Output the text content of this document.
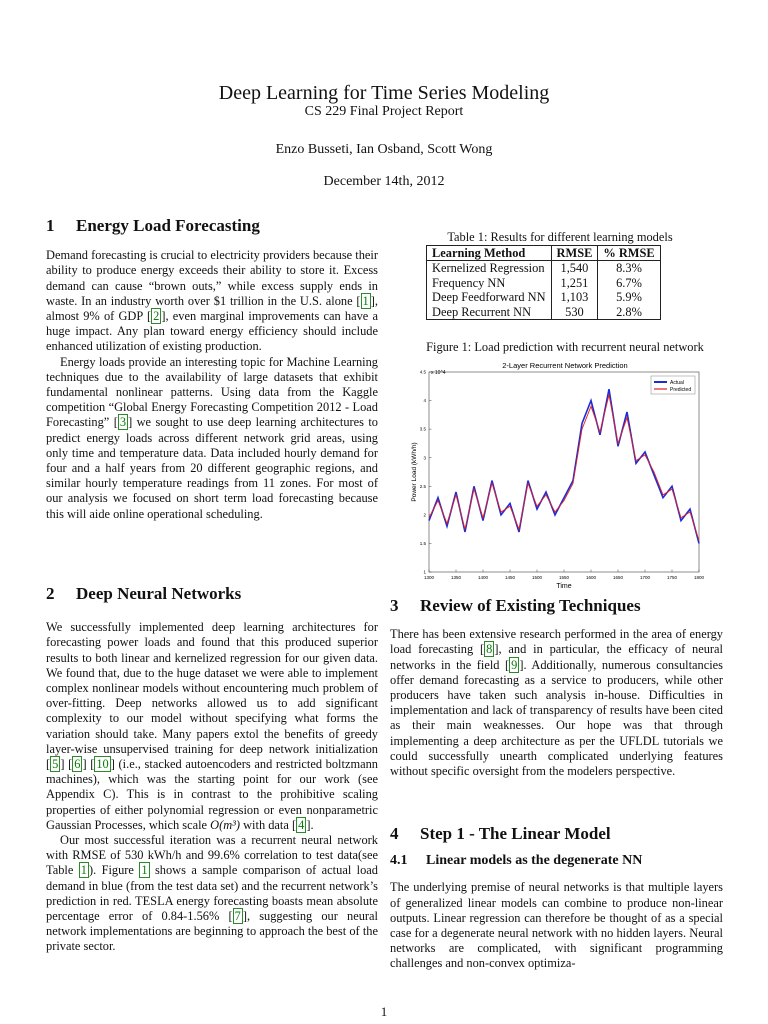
Deep Learning for Time Series Modeling
CS 229 Final Project Report
Enzo Busseti, Ian Osband, Scott Wong
December 14th, 2012
1 Energy Load Forecasting

Demand forecasting is crucial to electricity providers because their ability to produce energy exceeds their ability to store it. Excess demand can cause “brown outs,” while excess supply ends in waste. In an industry worth over $1 trillion in the U.S. alone [ 1 ], almost 9% of GDP [ 2 ], even marginal improvements can have a huge impact. Any plan toward energy efficiency should include enhanced utilization of existing production.

Energy loads provide an interesting topic for Machine Learning techniques due to the availability of large datasets that exhibit fundamental nonlinear patterns. Using data from the Kaggle competition “Global Energy Forecasting Competition 2012 - Load Forecasting” [ 3 ] we sought to use deep learning architectures to predict energy loads across different network grid areas, using only time and temperature data. Data included hourly demand for four and a half years from 20 different geographic regions, and similar hourly temperature readings from 11 zones. For most of our analysis we focused on short term load forecasting because this will aide online operational scheduling.

2 Deep Neural Networks

We successfully implemented deep learning architectures for forecasting power loads and found that this produced superior results to both linear and kernelized regression for our given data. We found that, due to the huge dataset we were able to implement complex nonlinear models without encountering much problem of over-fitting. Deep networks allowed us to add significant complexity to our model without specifying what forms the variation should take. Many papers extol the benefits of greedy layer-wise unsupervised training for deep network initialization [ 5 ] [ 6 ] [ 10 ] (i.e., stacked autoencoders and restricted boltzmann machines), which was the starting point for our work (see Appendix C). This is in contrast to the prohibitive scaling properties of either polynomial regression or even nonparametric Gaussian Processes, which scale O(m³) with data [ 4 ].

Our most successful iteration was a recurrent neural network with RMSE of 530 kWh/h and 99.6% correlation to test data(see Table 1 ). Figure 1 shows a sample comparison of actual load demand in blue (from the test data set) and the recurrent network’s prediction in red. TESLA energy forecasting boasts mean absolute percentage error of 0.84-1.56% [ 7 ], suggesting our neural network implementations are beginning to approach the best of the private sector.

Table 1: Results for different learning models
Learning Method	RMSE	% RMSE
Kernelized Regression	1,540	8.3%
Frequency NN	1,251	6.7%
Deep Feedforward NN	1,103	5.9%
Deep Recurrent NN	530	2.8%
Figure 1: Load prediction with recurrent neural network
2-Layer Recurrent Network Prediction
x 10^4
1300	1350	1400	1450	1500	1550	1600	1650	1700	1750	1800
1
1.5
2
2.5
3
3.5
4
4.5
Time
Power Load (kWh/h)
Actual
Predicted
3 Review of Existing Techniques

There has been extensive research performed in the area of energy load forecasting [ 8 ], and in particular, the efficacy of neural networks in the field [ 9 ]. Additionally, numerous consultancies offer demand forecasting as a service to producers, while other producers have taken such analysis in-house. Difficulties in implementation and lack of transparency of results have been cited as their main weaknesses. Our hope was that through implementing a deep architecture as per the UFLDL tutorials we could successfully unearth complicated underlying features without specific oversight from the modelers perspective.

4 Step 1 - The Linear Model
4.1 Linear models as the degenerate NN

The underlying premise of neural networks is that multiple layers of generalized linear models can combine to produce non-linear outputs. Linear regression can therefore be thought of as a special case for a degenerate neural network with no hidden layers. Neural networks are complicated, with significant programming challenges and non-convex optimiza-

1
